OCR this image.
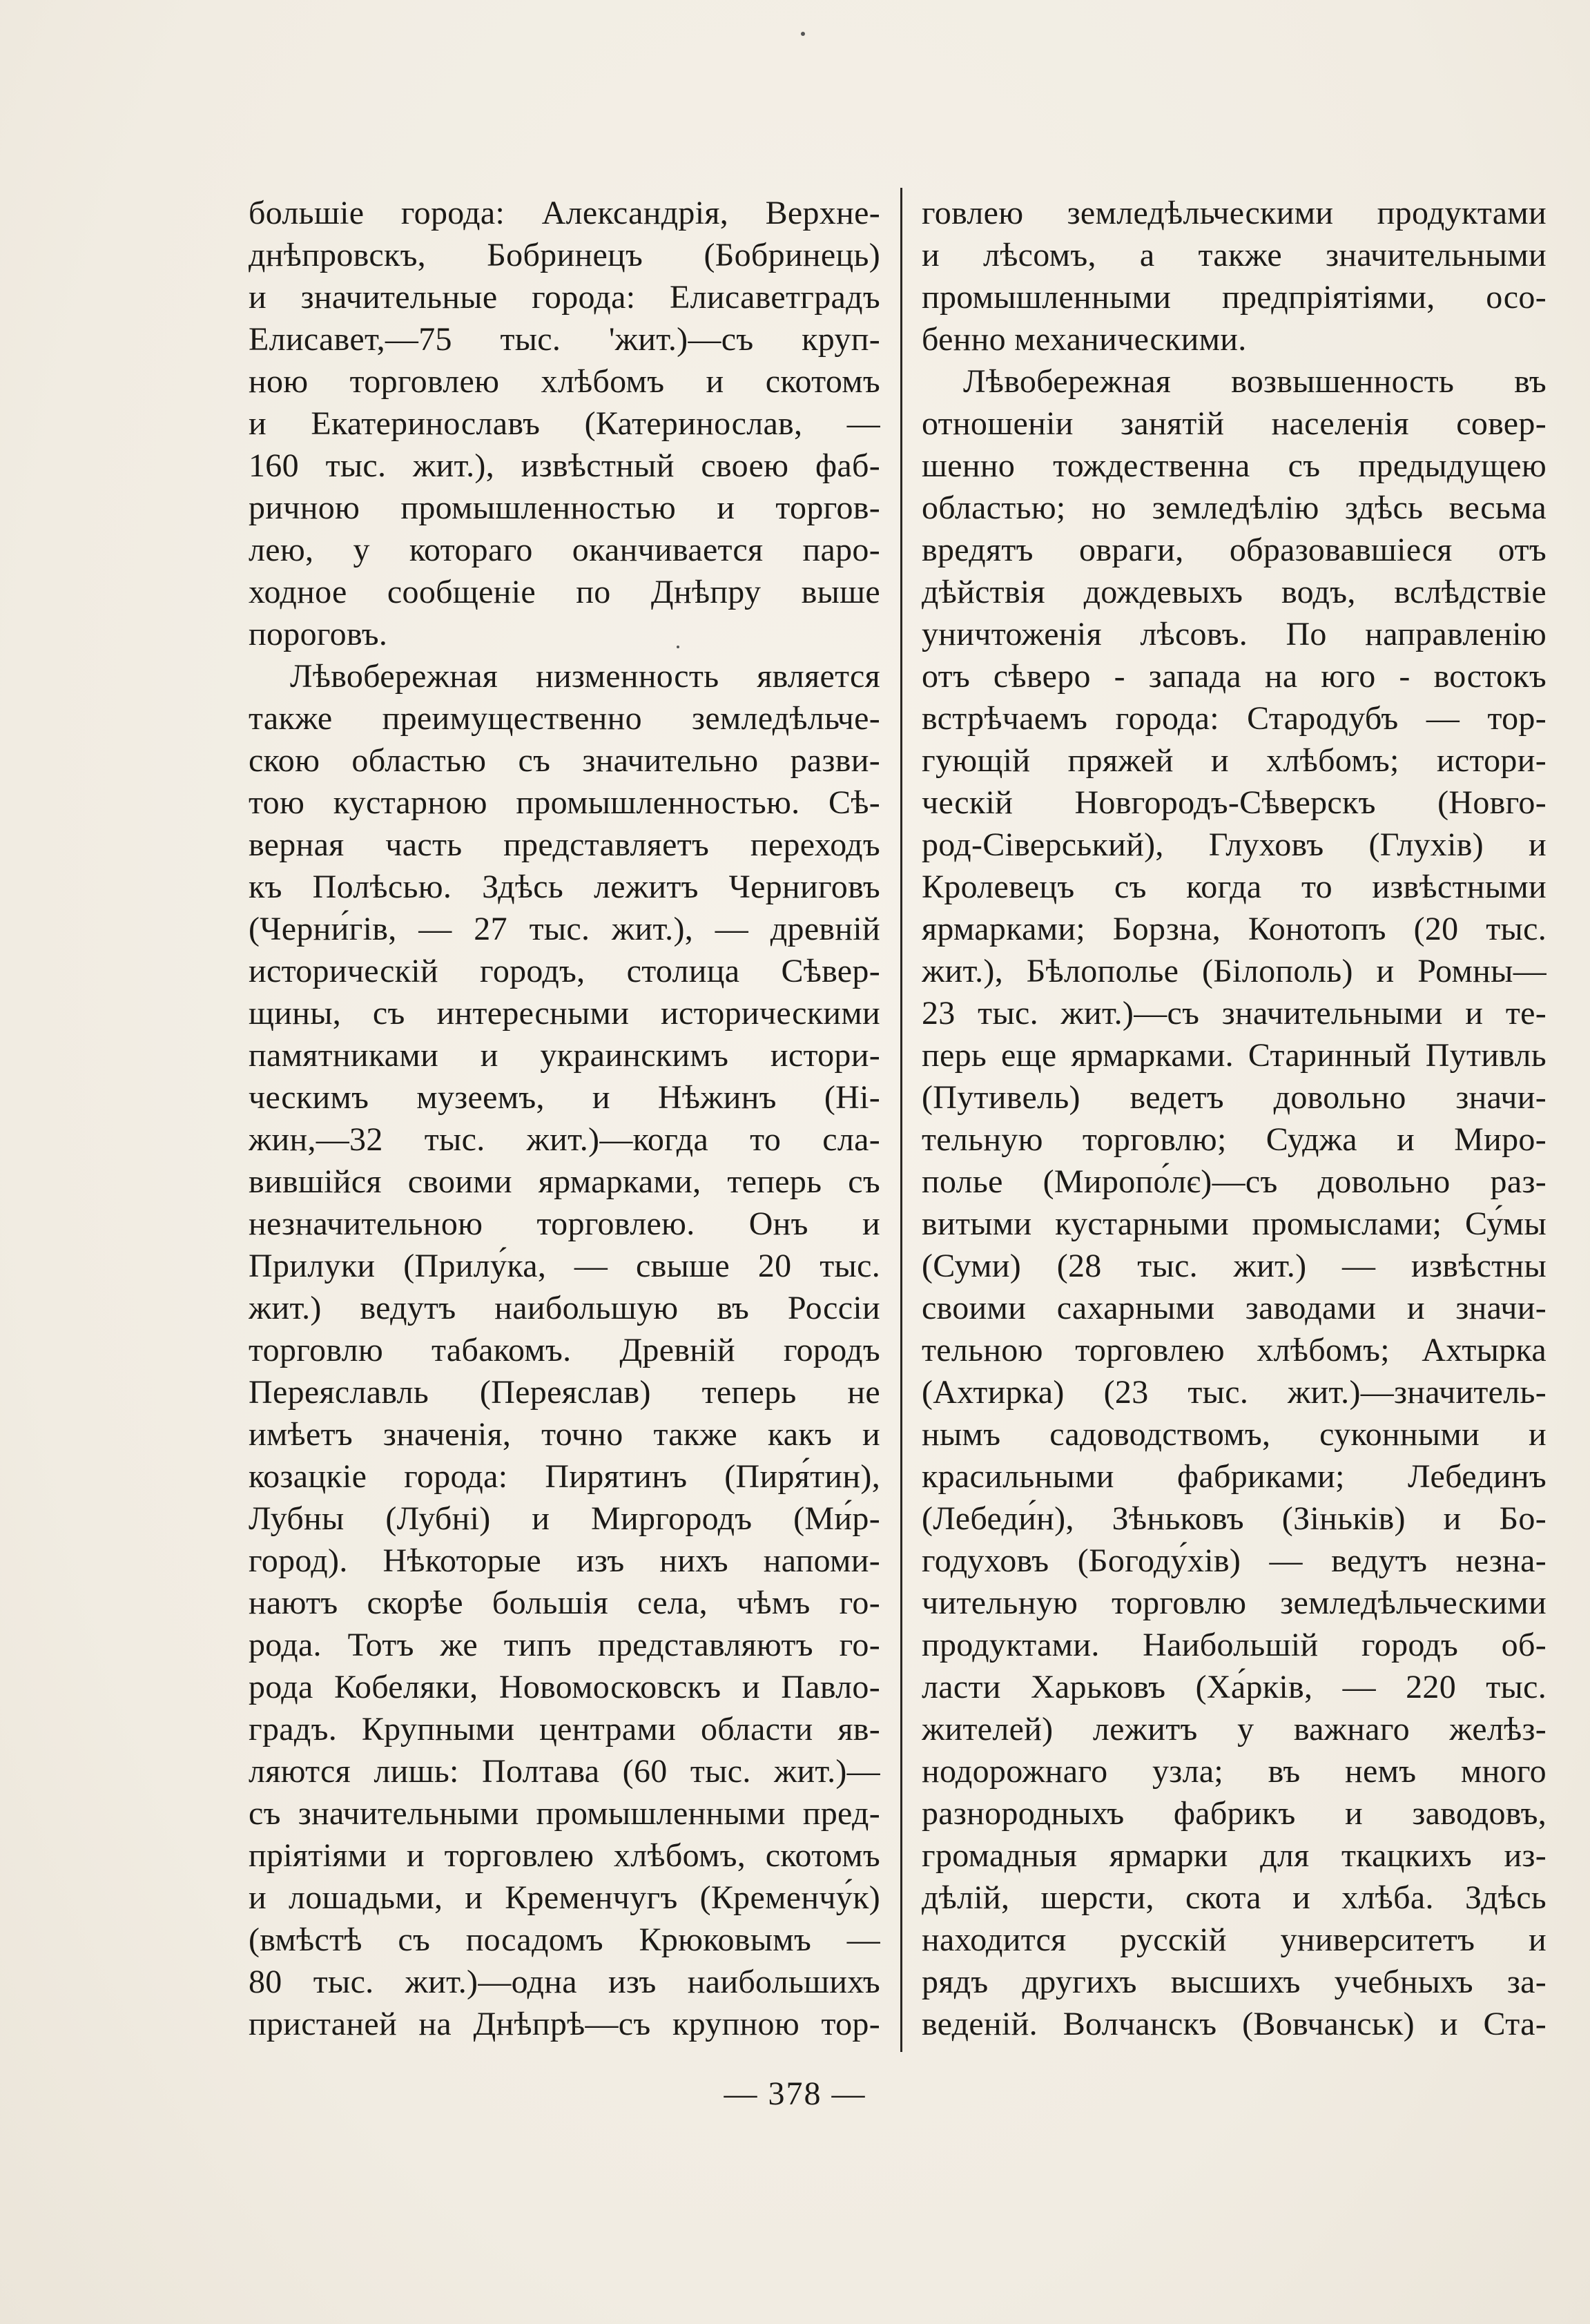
большіе города: Александрія, Верхне-
днѣпровскъ, Бобринецъ (Бобринець)
и значительные города: Елисаветградъ
Елисавет,—75 тыс. 'жит.)—съ круп-
ною торговлею хлѣбомъ и скотомъ
и Екатеринославъ (Катеринослав, —
160 тыс. жит.), извѣстный своею фаб-
ричною промышленностью и торгов-
лею, у котораго оканчивается паро-
ходное сообщеніе по Днѣпру выше
пороговъ.
Лѣвобережная низменность является
также преимущественно земледѣльче-
скою областью съ значительно разви-
тою кустарною промышленностью. Сѣ-
верная часть представляетъ переходъ
къ Полѣсью. Здѣсь лежитъ Черниговъ
(Черни́гів, — 27 тыс. жит.), — древній
историческій городъ, столица Сѣвер-
щины, съ интересными историческими
памятниками и украинскимъ истори-
ческимъ музеемъ, и Нѣжинъ (Ні-
жин,—32 тыс. жит.)—когда то сла-
вившійся своими ярмарками, теперь съ
незначительною торговлею. Онъ и
Прилуки (Прилу́ка, — свыше 20 тыс.
жит.) ведутъ наибольшую въ Россіи
торговлю табакомъ. Древній городъ
Переяславль (Переяслав) теперь не
имѣетъ значенія, точно также какъ и
козацкіе города: Пирятинъ (Пиря́тин),
Лубны (Лубні) и Миргородъ (Ми́р-
город). Нѣкоторые изъ нихъ напоми-
наютъ скорѣе большія села, чѣмъ го-
рода. Тотъ же типъ представляютъ го-
рода Кобеляки, Новомосковскъ и Павло-
градъ. Крупными центрами области яв-
ляются лишь: Полтава (60 тыс. жит.)—
съ значительными промышленными пред-
пріятіями и торговлею хлѣбомъ, скотомъ
и лошадьми, и Кременчугъ (Кременчу́к)
(вмѣстѣ съ посадомъ Крюковымъ —
80 тыс. жит.)—одна изъ наибольшихъ
пристаней на Днѣпрѣ—съ крупною тор-
говлею земледѣльческими продуктами
и лѣсомъ, а также значительными
промышленными предпріятіями, осо-
бенно механическими.
Лѣвобережная возвышенность въ
отношеніи занятій населенія совер-
шенно тождественна съ предыдущею
областью; но земледѣлію здѣсь весьма
вредятъ овраги, образовавшіеся отъ
дѣйствія дождевыхъ водъ, вслѣдствіе
уничтоженія лѣсовъ. По направленію
отъ сѣверо - запада на юго - востокъ
встрѣчаемъ города: Стародубъ — тор-
гующій пряжей и хлѣбомъ; истори-
ческій Новгородъ-Сѣверскъ (Новго-
род-Сіверський), Глуховъ (Глухів) и
Кролевецъ съ когда то извѣстными
ярмарками; Борзна, Конотопъ (20 тыс.
жит.), Бѣлополье (Білополь) и Ромны—
23 тыс. жит.)—съ значительными и те-
перь еще ярмарками. Старинный Путивль
(Путивель) ведетъ довольно значи-
тельную торговлю; Суджа и Миро-
полье (Миропо́лє)—съ довольно раз-
витыми кустарными промыслами; Су́мы
(Суми) (28 тыс. жит.) — извѣстны
своими сахарными заводами и значи-
тельною торговлею хлѣбомъ; Ахтырка
(Ахтирка) (23 тыс. жит.)—значитель-
нымъ садоводствомъ, суконными и
красильными фабриками; Лебединъ
(Лебеди́н), Зѣньковъ (Зіньків) и Бо-
годуховъ (Богоду́хів) — ведутъ незна-
чительную торговлю земледѣльческими
продуктами. Наибольшій городъ об-
ласти Харьковъ (Ха́рків, — 220 тыс.
жителей) лежитъ у важнаго желѣз-
нодорожнаго узла; въ немъ много
разнородныхъ фабрикъ и заводовъ,
громадныя ярмарки для ткацкихъ из-
дѣлій, шерсти, скота и хлѣба. Здѣсь
находится русскій университетъ и
рядъ другихъ высшихъ учебныхъ за-
веденій. Волчанскъ (Вовчанськ) и Ста-
— 378 —
